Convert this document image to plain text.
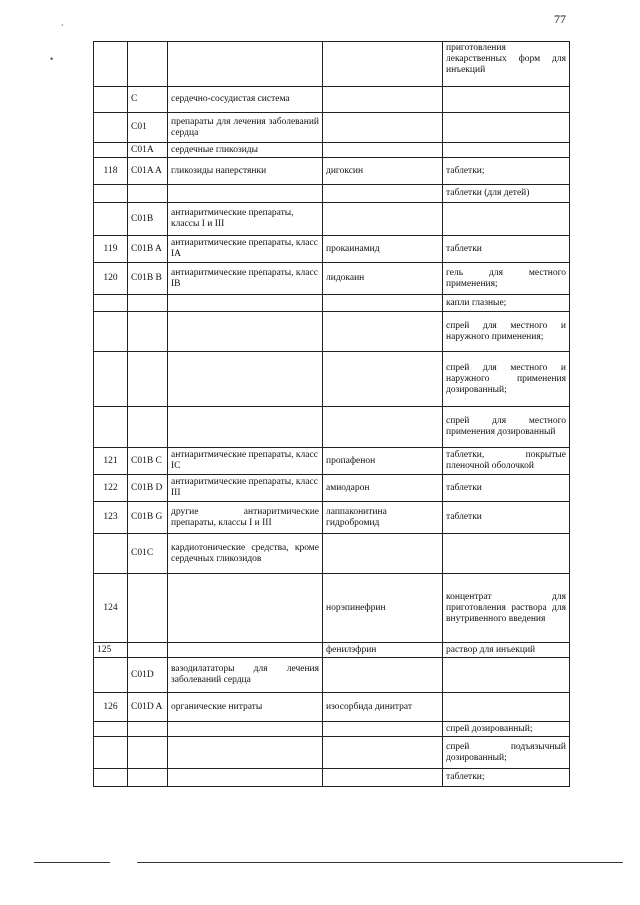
77
`
•
				приготовления лекарственных форм для инъекций
	C	сердечно-сосудистая система		
	C01	препараты для лечения заболеваний сердца		
	C01A	сердечные гликозиды		
118	C01A A	гликозиды наперстянки	дигоксин	таблетки;
				таблетки (для детей)
	C01B	антиаритмические препараты, классы I и III		
119	C01B A	антиаритмические препараты, класс IA	прокаинамид	таблетки
120	C01B B	антиаритмические препараты, класс IB	лидокаин	гель для местного применения;
				капли глазные;
				спрей для местного и наружного применения;
				спрей для местного и наружного применения дозированный;
				спрей для местного применения дозированный
121	C01B C	антиаритмические препараты, класс IC	пропафенон	таблетки, покрытые пленочной оболочкой
122	C01B D	антиаритмические препараты, класс III	амиодарон	таблетки
123	C01B G	другие антиаритмические препараты, классы I и III	лаппаконитина гидробромид	таблетки
	C01C	кардиотонические средства, кроме сердечных гликозидов		
124			норэпинефрин	концентрат для приготовления раствора для внутривенного введения
125			фенилэфрин	раствор для инъекций
	C01D	вазодилататоры для лечения заболеваний сердца		
126	C01D A	органические нитраты	изосорбида динитрат	
				спрей дозированный;
				спрей подъязычный дозированный;
				таблетки;
